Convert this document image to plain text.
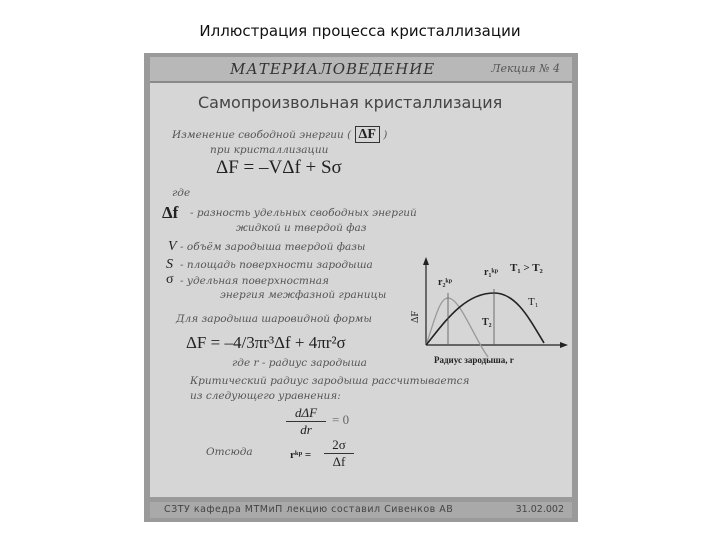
Иллюстрация процесса кристаллизации
МАТЕРИАЛОВЕДЕНИЕ	Лекция № 4
Самопроизвольная кристаллизация
Изменение свободной энергии ( ΔF )
при кристаллизации
ΔF = –VΔf + Sσ
где
Δf - разность удельных свободных энергий
жидкой и твердой фаз
V - объём зародыша твердой фазы
S - площадь поверхности зародыша
σ - удельная поверхностная
энергия межфазной границы
Для зародыша шаровидной формы
ΔF = –4/3πr³Δf + 4πr²σ
где r - радиус зародыша
Критический радиус зародыша рассчитывается
из следующего уравнения:
dΔF
dr
= 0
Отсюда	rᵏᵖ = $\frac{2\sigma}{\Delta f}$
ΔF
r₂ᵏᵖ
r₁ᵏᵖ T₁ > T₂
T₁
T₂
Радиус зародыша, r
СЗТУ кафедра МТМиП лекцию составил Сивенков АВ	31.02.002
